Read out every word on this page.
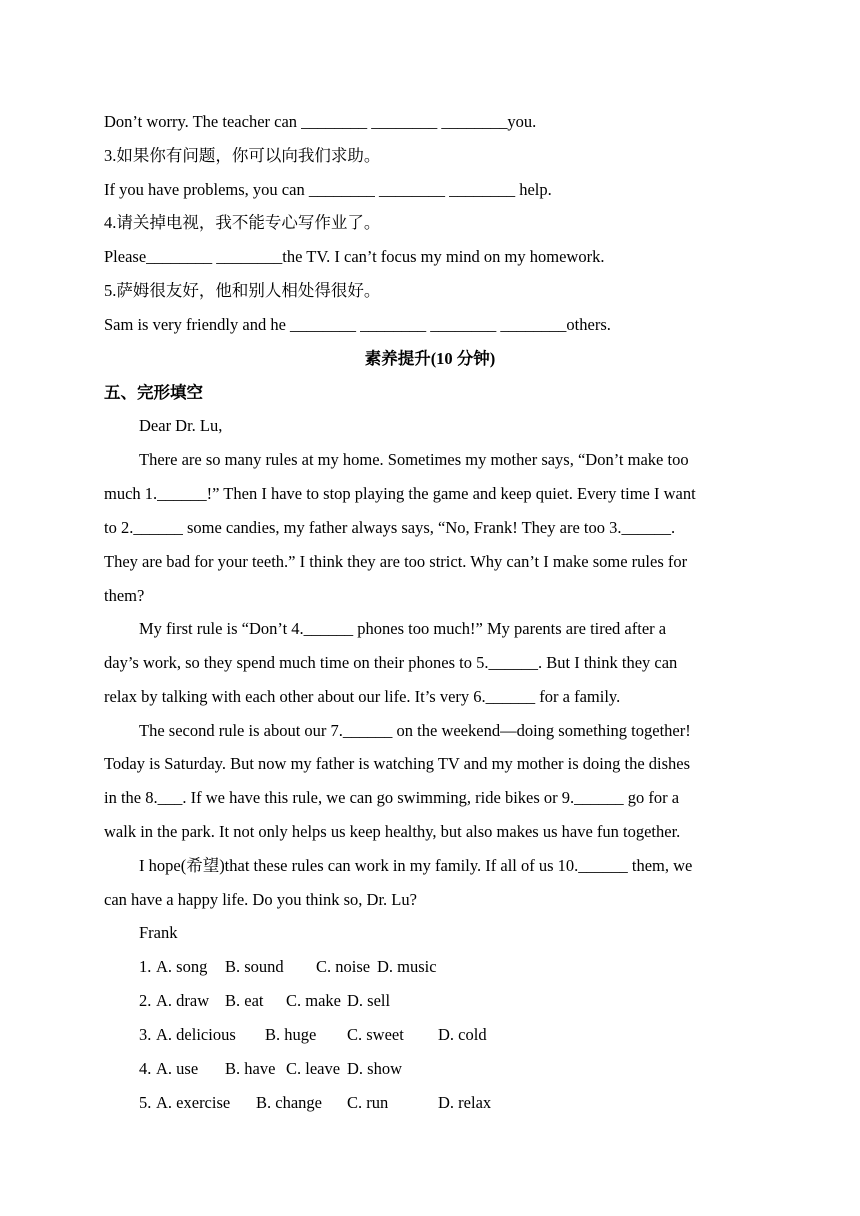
Don’t worry. The teacher can ________ ________ ________you.
3.如果你有问题，你可以向我们求助。
If you have problems, you can ________ ________ ________ help.
4.请关掉电视，我不能专心写作业了。
Please________ ________the TV. I can’t focus my mind on my homework.
5.萨姆很友好，他和别人相处得很好。
Sam is very friendly and he ________ ________ ________ ________others.
素养提升(10 分钟)
五、完形填空
Dear Dr. Lu,
There are so many rules at my home. Sometimes my mother says, “Don’t make too
much 1.______!” Then I have to stop playing the game and keep quiet. Every time I want
to 2.______ some candies, my father always says, “No, Frank! They are too 3.______.
They are bad for your teeth.” I think they are too strict. Why can’t I make some rules for
them?
My first rule is “Don’t 4.______ phones too much!” My parents are tired after a
day’s work, so they spend much time on their phones to 5.______. But I think they can
relax by talking with each other about our life. It’s very 6.______ for a family.
The second rule is about our 7.______ on the weekend—doing something together!
Today is Saturday. But now my father is watching TV and my mother is doing the dishes
in the 8.___. If we have this rule, we can go swimming, ride bikes or 9.______ go for a
walk in the park. It not only helps us keep healthy, but also makes us have fun together.
I hope(希望)that these rules can work in my family. If all of us 10.______ them, we
can have a happy life. Do you think so, Dr. Lu?
Frank
1. A. song B. sound C. noise D. music
2. A. draw B. eat C. make D. sell
3. A. delicious B. huge C. sweet D. cold
4. A. use B. have C. leave D. show
5. A. exercise B. change C. run	D. relax
